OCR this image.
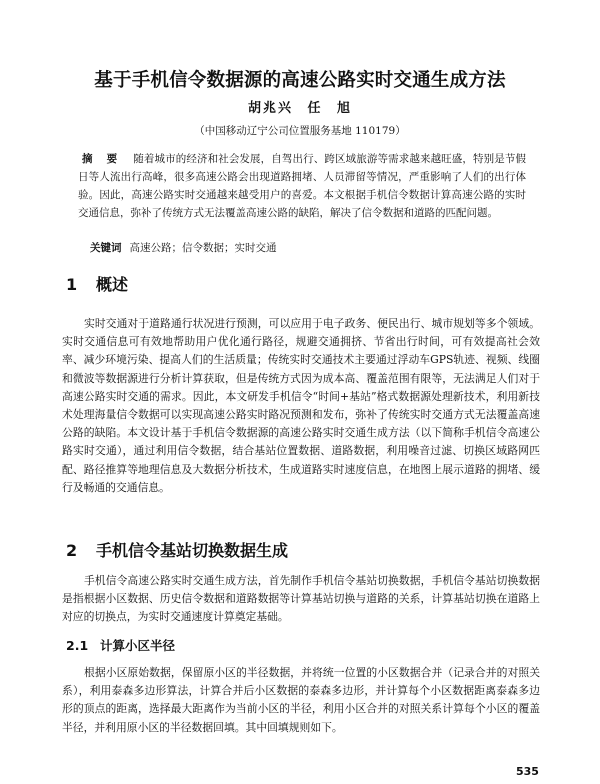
基于手机信令数据源的高速公路实时交通生成方法
胡兆兴 任 旭
（中国移动辽宁公司位置服务基地 110179）

摘要 随着城市的经济和社会发展，自驾出行、跨区域旅游等需求越来越旺盛，特别是节假日等人流出行高峰，很多高速公路会出现道路拥堵、人员滞留等情况，严重影响了人们的出行体验。因此，高速公路实时交通越来越受用户的喜爱。本文根据手机信令数据计算高速公路的实时交通信息，弥补了传统方式无法覆盖高速公路的缺陷，解决了信令数据和道路的匹配问题。

关键词 高速公路；信令数据；实时交通
1 概述

实时交通对于道路通行状况进行预测，可以应用于电子政务、便民出行、城市规划等多个领域。实时交通信息可有效地帮助用户优化通行路径，规避交通拥挤、节省出行时间，可有效提高社会效率、减少环境污染、提高人们的生活质量；传统实时交通技术主要通过浮动车GPS轨迹、视频、线圈和微波等数据源进行分析计算获取，但是传统方式因为成本高、覆盖范围有限等，无法满足人们对于高速公路实时交通的需求。因此，本文研发手机信令“时间+基站”格式数据源处理新技术，利用新技术处理海量信令数据可以实现高速公路实时路况预测和发布，弥补了传统实时交通方式无法覆盖高速公路的缺陷。本文设计基于手机信令数据源的高速公路实时交通生成方法（以下简称手机信令高速公路实时交通），通过利用信令数据，结合基站位置数据、道路数据，利用噪音过滤、切换区域路网匹配、路径推算等地理信息及大数据分析技术，生成道路实时速度信息，在地图上展示道路的拥堵、缓行及畅通的交通信息。

2 手机信令基站切换数据生成

手机信令高速公路实时交通生成方法，首先制作手机信令基站切换数据，手机信令基站切换数据是指根据小区数据、历史信令数据和道路数据等计算基站切换与道路的关系，计算基站切换在道路上对应的切换点，为实时交通速度计算奠定基础。

2.1 计算小区半径

根据小区原始数据，保留原小区的半径数据，并将统一位置的小区数据合并（记录合并的对照关系），利用泰森多边形算法，计算合并后小区数据的泰森多边形，并计算每个小区数据距离泰森多边形的顶点的距离，选择最大距离作为当前小区的半径，利用小区合并的对照关系计算每个小区的覆盖半径，并利用原小区的半径数据回填。其中回填规则如下。

535
